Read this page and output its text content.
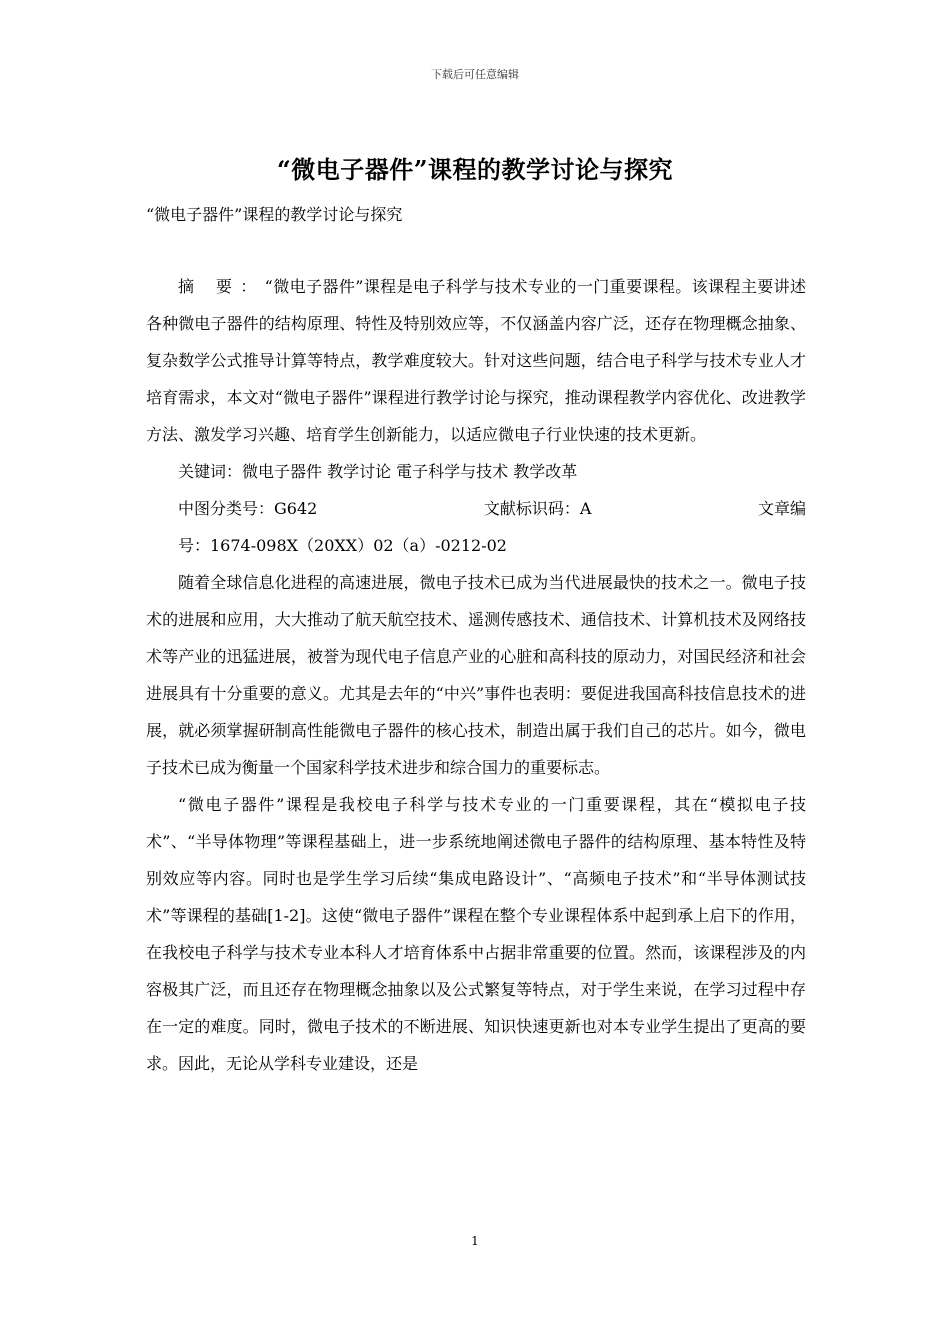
下载后可任意编辑
“微电子器件”课程的教学讨论与探究
“微电子器件”课程的教学讨论与探究

摘 要：“微电子器件”课程是电子科学与技术专业的一门重要课程。该课程主要讲述各种微电子器件的结构原理、特性及特别效应等，不仅涵盖内容广泛，还存在物理概念抽象、复杂数学公式推导计算等特点，教学难度较大。针对这些问题，结合电子科学与技术专业人才培育需求，本文对“微电子器件”课程进行教学讨论与探究，推动课程教学内容优化、改进教学方法、激发学习兴趣、培育学生创新能力，以适应微电子行业快速的技术更新。

关键词：微电子器件 教学讨论 電子科学与技术 教学改革

中图分类号：G642	文献标识码：A	文章编

号：1674-098X（20XX）02（a）-0212-02

随着全球信息化进程的高速进展，微电子技术已成为当代进展最快的技术之一。微电子技术的进展和应用，大大推动了航天航空技术、遥测传感技术、通信技术、计算机技术及网络技术等产业的迅猛进展，被誉为现代电子信息产业的心脏和高科技的原动力，对国民经济和社会进展具有十分重要的意义。尤其是去年的“中兴”事件也表明：要促进我国高科技信息技术的进展，就必须掌握研制高性能微电子器件的核心技术，制造出属于我们自己的芯片。如今，微电子技术已成为衡量一个国家科学技术进步和综合国力的重要标志。

“微电子器件”课程是我校电子科学与技术专业的一门重要课程，其在“模拟电子技术”、“半导体物理”等课程基础上，进一步系统地阐述微电子器件的结构原理、基本特性及特别效应等内容。同时也是学生学习后续“集成电路设计”、“高频电子技术”和“半导体测试技术”等课程的基础[1-2]。这使“微电子器件”课程在整个专业课程体系中起到承上启下的作用，在我校电子科学与技术专业本科人才培育体系中占据非常重要的位置。然而，该课程涉及的内容极其广泛，而且还存在物理概念抽象以及公式繁复等特点，对于学生来说，在学习过程中存在一定的难度。同时，微电子技术的不断进展、知识快速更新也对本专业学生提出了更高的要求。因此，无论从学科专业建设，还是

1
